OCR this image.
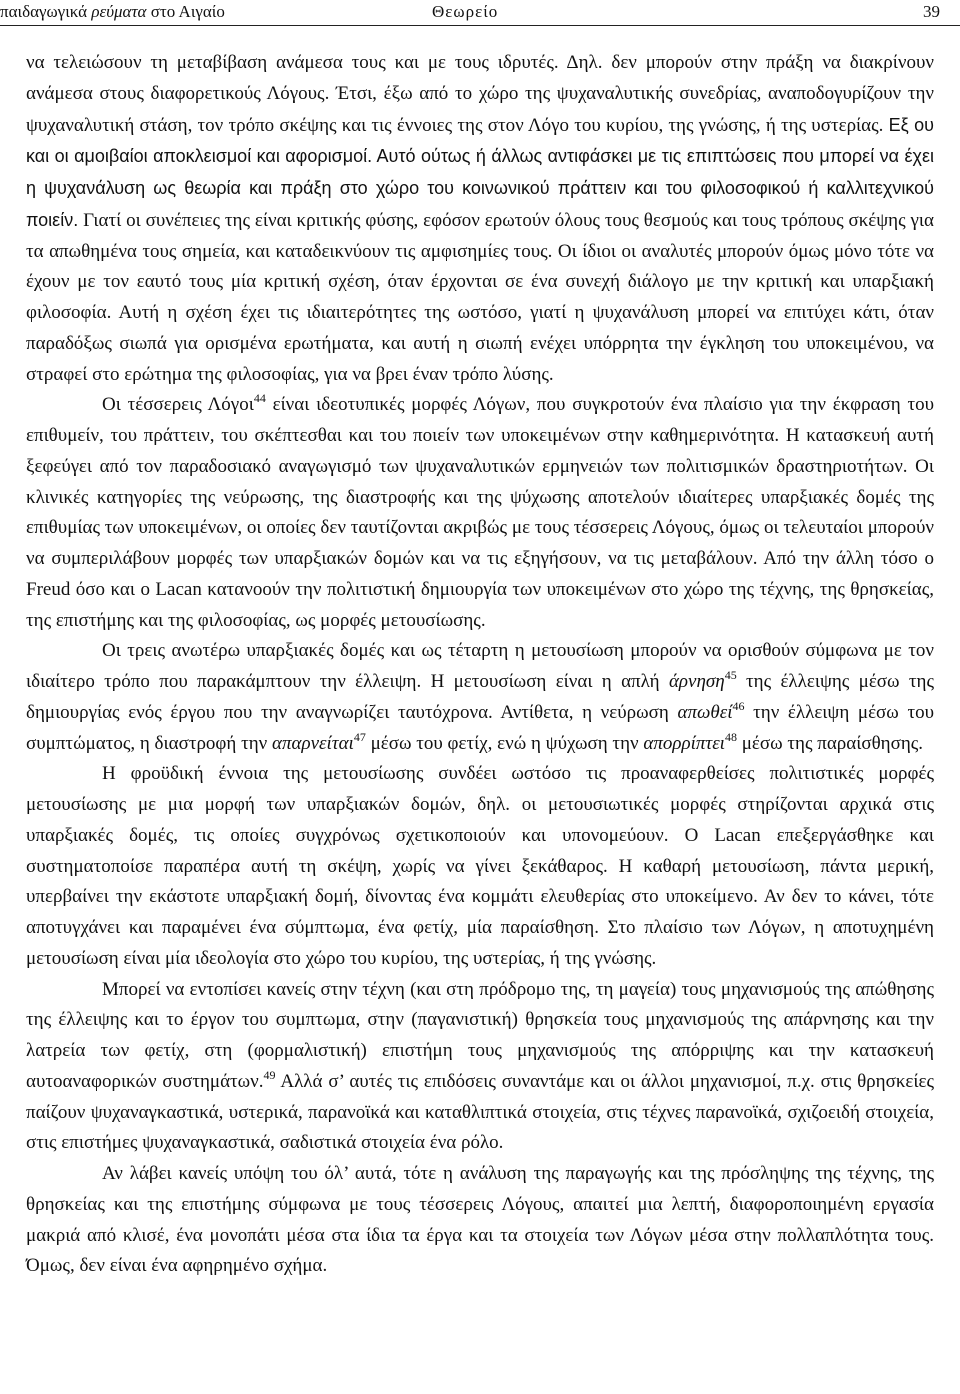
παιδαγωγικά ρεύματα στο Αιγαίο	Θεωρείο	39

να τελειώσουν τη μεταβίβαση ανάμεσα τους και με τους ιδρυτές. Δηλ. δεν μπορούν στην πράξη να διακρίνουν ανάμεσα στους διαφορετικούς Λόγους. Έτσι, έξω από το χώρο της ψυχαναλυτικής συνεδρίας, αναποδογυρίζουν την ψυχαναλυτική στάση, τον τρόπο σκέψης και τις έννοιες της στον Λόγο του κυρίου, της γνώσης, ή της υστερίας. Εξ ου και οι αμοιβαίοι αποκλεισμοί και αφορισμοί. Αυτό ούτως ή άλλως αντιφάσκει με τις επιπτώσεις που μπορεί να έχει η ψυχανάλυση ως θεωρία και πράξη στο χώρο του κοινωνικού πράττειν και του φιλοσοφικού ή καλλιτεχνικού ποιείν. Γιατί οι συνέπειες της είναι κριτικής φύσης, εφόσον ερωτούν όλους τους θεσμούς και τους τρόπους σκέψης για τα απωθημένα τους σημεία, και καταδεικνύουν τις αμφισημίες τους. Οι ίδιοι οι αναλυτές μπορούν όμως μόνο τότε να έχουν με τον εαυτό τους μία κριτική σχέση, όταν έρχονται σε ένα συνεχή διάλογο με την κριτική και υπαρξιακή φιλοσοφία. Αυτή η σχέση έχει τις ιδιαιτερότητες της ωστόσο, γιατί η ψυχανάλυση μπορεί να επιτύχει κάτι, όταν παραδόξως σιωπά για ορισμένα ερωτήματα, και αυτή η σιωπή ενέχει υπόρρητα την έγκληση του υποκειμένου, να στραφεί στο ερώτημα της φιλοσοφίας, για να βρει έναν τρόπο λύσης.

Οι τέσσερεις Λόγοι$^{44}$ είναι ιδεοτυπικές μορφές Λόγων, που συγκροτούν ένα πλαίσιο για την έκφραση του επιθυμείν, του πράττειν, του σκέπτεσθαι και του ποιείν των υποκειμένων στην καθημερινότητα. Η κατασκευή αυτή ξεφεύγει από τον παραδοσιακό αναγωγισμό των ψυχαναλυτικών ερμηνειών των πολιτισμικών δραστηριοτήτων. Οι κλινικές κατηγορίες της νεύρωσης, της διαστροφής και της ψύχωσης αποτελούν ιδιαίτερες υπαρξιακές δομές της επιθυμίας των υποκειμένων, οι οποίες δεν ταυτίζονται ακριβώς με τους τέσσερεις Λόγους, όμως οι τελευταίοι μπορούν να συμπεριλάβουν μορφές των υπαρξιακών δομών και να τις εξηγήσουν, να τις μεταβάλουν. Από την άλλη τόσο ο Freud όσο και ο Lacan κατανοούν την πολιτιστική δημιουργία των υποκειμένων στο χώρο της τέχνης, της θρησκείας, της επιστήμης και της φιλοσοφίας, ως μορφές μετουσίωσης.

Οι τρεις ανωτέρω υπαρξιακές δομές και ως τέταρτη η μετουσίωση μπορούν να ορισθούν σύμφωνα με τον ιδιαίτερο τρόπο που παρακάμπτουν την έλλειψη. Η μετουσίωση είναι η απλή άρνηση$^{45}$ της έλλειψης μέσω της δημιουργίας ενός έργου που την αναγνωρίζει ταυτόχρονα. Αντίθετα, η νεύρωση απωθεί$^{46}$ την έλλειψη μέσω του συμπτώματος, η διαστροφή την απαρνείται$^{47}$ μέσω του φετίχ, ενώ η ψύχωση την απορρίπτει$^{48}$ μέσω της παραίσθησης.

Η φροϋδική έννοια της μετουσίωσης συνδέει ωστόσο τις προαναφερθείσες πολιτιστικές μορφές μετουσίωσης με μια μορφή των υπαρξιακών δομών, δηλ. οι μετουσιωτικές μορφές στηρίζονται αρχικά στις υπαρξιακές δομές, τις οποίες συγχρόνως σχετικοποιούν και υπονομεύουν. Ο Lacan επεξεργάσθηκε και συστηματοποίσε παραπέρα αυτή τη σκέψη, χωρίς να γίνει ξεκάθαρος. Η καθαρή μετουσίωση, πάντα μερική, υπερβαίνει την εκάστοτε υπαρξιακή δομή, δίνοντας ένα κομμάτι ελευθερίας στο υποκείμενο. Αν δεν το κάνει, τότε αποτυγχάνει και παραμένει ένα σύμπτωμα, ένα φετίχ, μία παραίσθηση. Στο πλαίσιο των Λόγων, η αποτυχημένη μετουσίωση είναι μία ιδεολογία στο χώρο του κυρίου, της υστερίας, ή της γνώσης.

Μπορεί να εντοπίσει κανείς στην τέχνη (και στη πρόδρομο της, τη μαγεία) τους μηχανισμούς της απώθησης της έλλειψης και το έργον του συμπτωμα, στην (παγανιστική) θρησκεία τους μηχανισμούς της απάρνησης και την λατρεία των φετίχ, στη (φορμαλιστική) επιστήμη τους μηχανισμούς της απόρριψης και την κατασκευή αυτοαναφορικών συστημάτων.$^{49}$ Αλλά σ’ αυτές τις επιδόσεις συναντάμε και οι άλλοι μηχανισμοί, π.χ. στις θρησκείες παίζουν ψυχαναγκαστικά, υστερικά, παρανοϊκά και καταθλιπτικά στοιχεία, στις τέχνες παρανοϊκά, σχιζοειδή στοιχεία, στις επιστήμες ψυχαναγκαστικά, σαδιστικά στοιχεία ένα ρόλο.

Αν λάβει κανείς υπόψη του όλ’ αυτά, τότε η ανάλυση της παραγωγής και της πρόσληψης της τέχνης, της θρησκείας και της επιστήμης σύμφωνα με τους τέσσερεις Λόγους, απαιτεί μια λεπτή, διαφοροποιημένη εργασία μακριά από κλισέ, ένα μονοπάτι μέσα στα ίδια τα έργα και τα στοιχεία των Λόγων μέσα στην πολλαπλότητα τους. Όμως, δεν είναι ένα αφηρημένο σχήμα.
